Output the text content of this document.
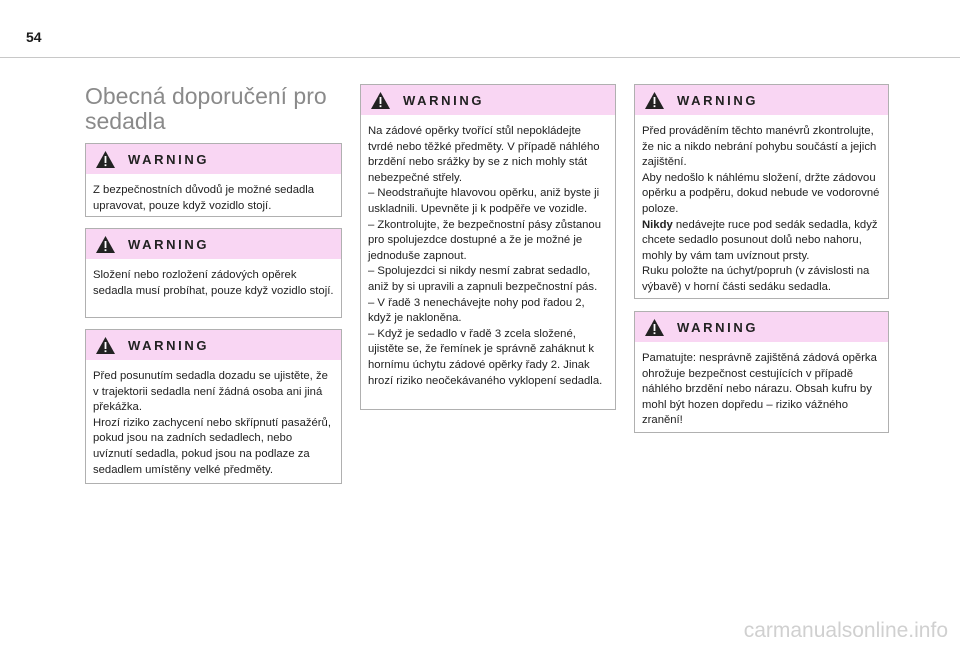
54
Obecná doporučení pro sedadla
WARNING

Z bezpečnostních důvodů je možné sedadla upravovat, pouze když vozidlo stojí.

WARNING

Složení nebo rozložení zádových opěrek sedadla musí probíhat, pouze když vozidlo stojí.

WARNING

Před posunutím sedadla dozadu se ujistěte, že v trajektorii sedadla není žádná osoba ani jiná překážka.

Hrozí riziko zachycení nebo skřípnutí pasažérů, pokud jsou na zadních sedadlech, nebo uvíznutí sedadla, pokud jsou na podlaze za sedadlem umístěny velké předměty.

WARNING

Na zádové opěrky tvořící stůl nepokládejte tvrdé nebo těžké předměty. V případě náhlého brzdění nebo srážky by se z nich mohly stát nebezpečné střely.

– Neodstraňujte hlavovou opěrku, aniž byste ji uskladnili. Upevněte ji k podpěře ve vozidle.

– Zkontrolujte, že bezpečnostní pásy zůstanou pro spolujezdce dostupné a že je možné je jednoduše zapnout.

– Spolujezdci si nikdy nesmí zabrat sedadlo, aniž by si upravili a zapnuli bezpečnostní pás.

– V řadě 3 nenechávejte nohy pod řadou 2, když je nakloněna.

– Když je sedadlo v řadě 3 zcela složené, ujistěte se, že řemínek je správně zaháknut k hornímu úchytu zádové opěrky řady 2. Jinak hrozí riziko neočekávaného vyklopení sedadla.

WARNING

Před prováděním těchto manévrů zkontrolujte, že nic a nikdo nebrání pohybu součástí a jejich zajištění.

Aby nedošlo k náhlému složení, držte zádovou opěrku a podpěru, dokud nebude ve vodorovné poloze.

Nikdy nedávejte ruce pod sedák sedadla, když chcete sedadlo posunout dolů nebo nahoru, mohly by vám tam uvíznout prsty.

Ruku položte na úchyt/popruh (v závislosti na výbavě) v horní části sedáku sedadla.

WARNING

Pamatujte: nesprávně zajištěná zádová opěrka ohrožuje bezpečnost cestujících v případě náhlého brzdění nebo nárazu. Obsah kufru by mohl být hozen dopředu – riziko vážného zranění!

carmanualsonline.info
